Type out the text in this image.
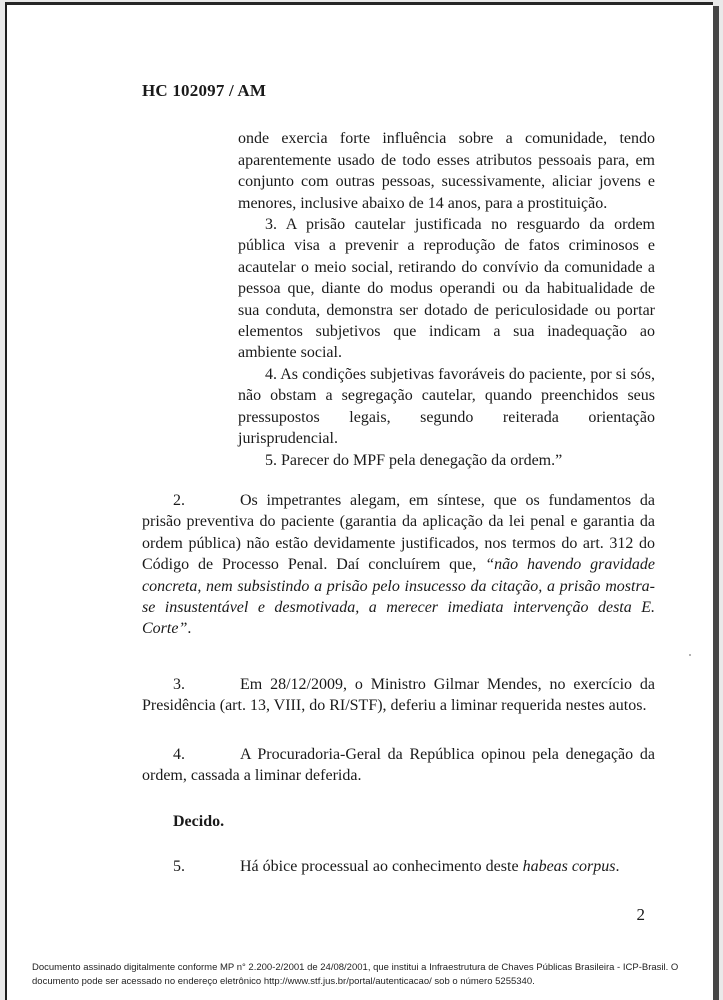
HC 102097 / AM

onde exercia forte influência sobre a comunidade, tendo aparentemente usado de todo esses atributos pessoais para, em conjunto com outras pessoas, sucessivamente, aliciar jovens e menores, inclusive abaixo de 14 anos, para a prostituição.

3. A prisão cautelar justificada no resguardo da ordem pública visa a prevenir a reprodução de fatos criminosos e acautelar o meio social, retirando do convívio da comunidade a pessoa que, diante do modus operandi ou da habitualidade de sua conduta, demonstra ser dotado de periculosidade ou portar elementos subjetivos que indicam a sua inadequação ao ambiente social.

4. As condições subjetivas favoráveis do paciente, por si sós, não obstam a segregação cautelar, quando preenchidos seus pressupostos legais, segundo reiterada orientação jurisprudencial.

5. Parecer do MPF pela denegação da ordem.”

2.	Os impetrantes alegam, em síntese, que os fundamentos da prisão preventiva do paciente (garantia da aplicação da lei penal e garantia da ordem pública) não estão devidamente justificados, nos termos do art. 312 do Código de Processo Penal. Daí concluírem que, “não havendo gravidade concreta, nem subsistindo a prisão pelo insucesso da citação, a prisão mostra-se insustentável e desmotivada, a merecer imediata intervenção desta E. Corte”.

3.	Em 28/12/2009, o Ministro Gilmar Mendes, no exercício da Presidência (art. 13, VIII, do RI/STF), deferiu a liminar requerida nestes autos.

4.	A Procuradoria-Geral da República opinou pela denegação da ordem, cassada a liminar deferida.

Decido.

5.	Há óbice processual ao conhecimento deste habeas corpus.

2

Documento assinado digitalmente conforme MP n° 2.200-2/2001 de 24/08/2001, que institui a Infraestrutura de Chaves Públicas Brasileira - ICP-Brasil. O

documento pode ser acessado no endereço eletrônico http://www.stf.jus.br/portal/autenticacao/ sob o número 5255340.
